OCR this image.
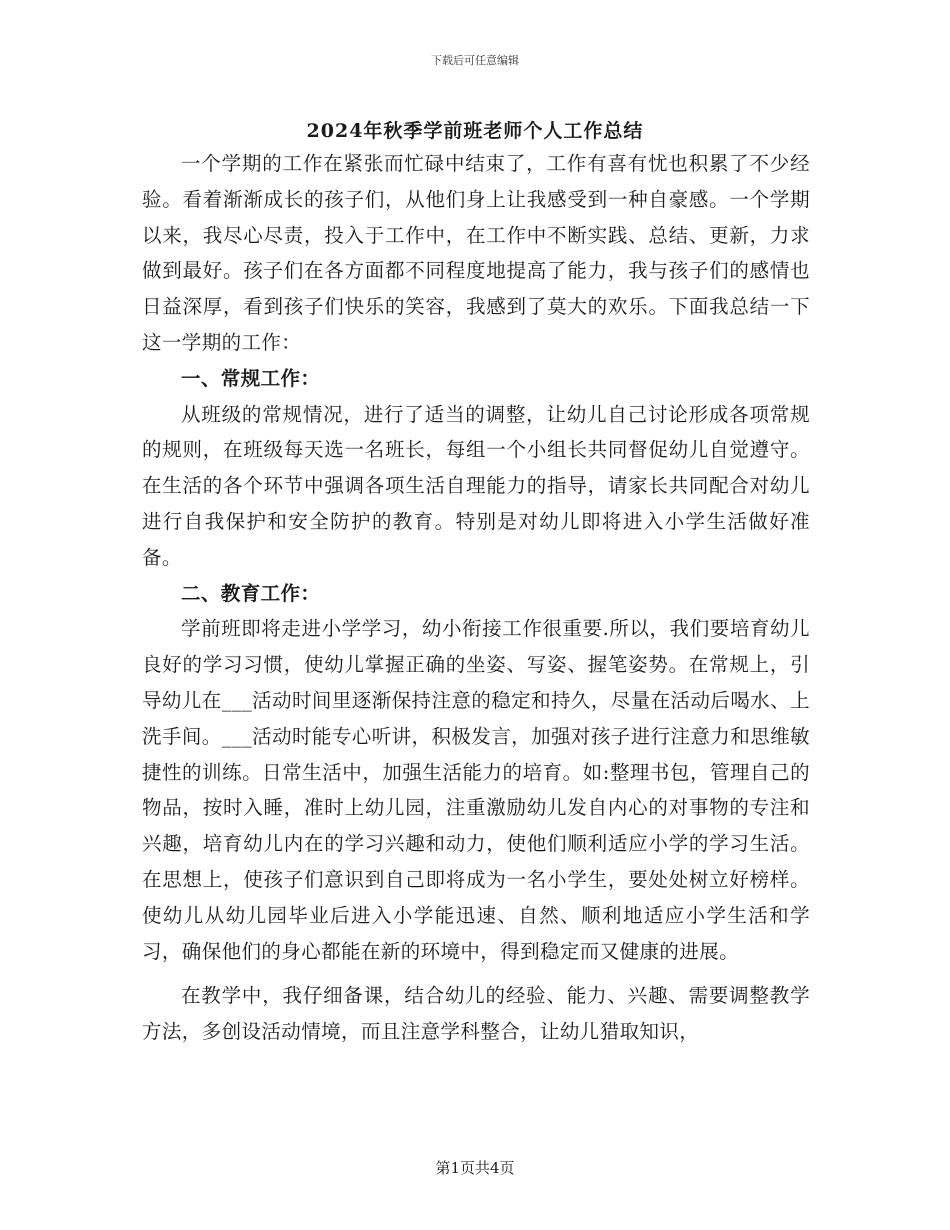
下载后可任意编辑
2024年秋季学前班老师个人工作总结

一个学期的工作在紧张而忙碌中结束了，工作有喜有忧也积累了不少经验。看着渐渐成长的孩子们，从他们身上让我感受到一种自豪感。一个学期以来，我尽心尽责，投入于工作中，在工作中不断实践、总结、更新，力求做到最好。孩子们在各方面都不同程度地提高了能力，我与孩子们的感情也日益深厚，看到孩子们快乐的笑容，我感到了莫大的欢乐。下面我总结一下这一学期的工作：

一、常规工作：

从班级的常规情况，进行了适当的调整，让幼儿自己讨论形成各项常规的规则，在班级每天选一名班长，每组一个小组长共同督促幼儿自觉遵守。在生活的各个环节中强调各项生活自理能力的指导，请家长共同配合对幼儿进行自我保护和安全防护的教育。特别是对幼儿即将进入小学生活做好准备。

二、教育工作：

学前班即将走进小学学习，幼小衔接工作很重要.所以，我们要培育幼儿良好的学习习惯，使幼儿掌握正确的坐姿、写姿、握笔姿势。在常规上，引导幼儿在___活动时间里逐渐保持注意的稳定和持久，尽量在活动后喝水、上洗手间。___活动时能专心听讲，积极发言，加强对孩子进行注意力和思维敏捷性的训练。日常生活中，加强生活能力的培育。如:整理书包，管理自己的物品，按时入睡，准时上幼儿园，注重激励幼儿发自内心的对事物的专注和兴趣，培育幼儿内在的学习兴趣和动力，使他们顺利适应小学的学习生活。在思想上，使孩子们意识到自己即将成为一名小学生，要处处树立好榜样。使幼儿从幼儿园毕业后进入小学能迅速、自然、顺利地适应小学生活和学习，确保他们的身心都能在新的环境中，得到稳定而又健康的进展。

在教学中，我仔细备课，结合幼儿的经验、能力、兴趣、需要调整教学方法，多创设活动情境，而且注意学科整合，让幼儿猎取知识，

第1页共4页
